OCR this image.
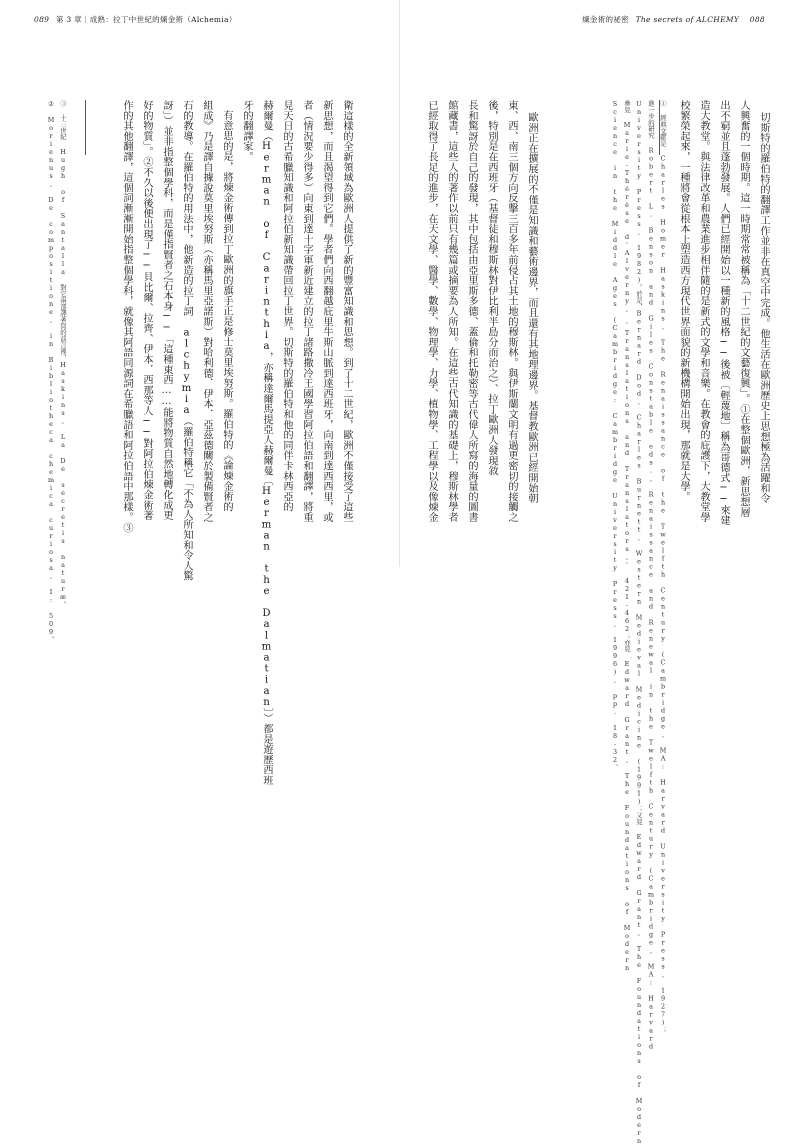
089 第 3 章｜成熟：拉丁中世紀的煉金術（Alchemia）
② Morienus, De compositione, in Bibliotheca chemica curiosa, 1: 509。 ③ 十三世紀 Hugh of Santalla 對它兩部譯著寫的前言裡，Haskins, La De secretis naturæ。	衛這樣的全新領域為歐洲人提供了新的豐富知識和思想。到了十二世紀，歐洲不僅接受了這些
新思想，而且渴望得到它們。學者們向西翻越庇里牛斯山脈到達西班牙，向南到達西西里，或
者（情況要少得多）向東到達十字軍新近建立的拉丁諸路撒冷王國學習阿拉伯語和翻譯，將重
見天日的古希臘知識和阿拉伯新知識帶回拉丁世界。切斯特的羅伯特和他的同伴卡林西亞的
赫爾曼（Herman of Carinthia，亦稱達爾馬提亞人赫爾曼〔Herman the Dalmatian〕）都是遊歷西班
牙的翻譯家。
有意思的是，將煉金術傳到拉丁歐洲的旗手正是修士莫里埃努斯。羅伯特的《論煉金術的
組成》乃是譯自據說莫里埃努斯（亦稱馬里亞諾斯）對哈利德．伊本．亞茲德關於製備賢者之
石的教導。在羅伯特的用法中，他新造的拉丁詞 alchymia（羅伯特稱它「不為人所知和令人驚
訝」）並非指整個學科，而是僅指賢者之石本身──「這種東西……能將物質自然地轉化成更
好的物質」。②不久以後便出現了──貝比爾、拉齊、伊本．西那等人──對阿拉伯煉金術著
作的其他翻譯，這個詞漸漸開始指整個學科，就像其阿語同源詞在希臘語和阿拉伯語中那樣。③
煉金術的祕密 The secrets of ALCHEMY 088
切斯特的羅伯特的翻譯工作並非在真空中完成。他生活在歐洲歷史上思想極為活躍和令
人興奮的一個時期。這一時期常常被稱為「十二世紀的文藝復興」。①在整個歐洲，新思想層
出不窮並且蓬勃發展。人們已經開始以一種新的風格──後被〔輕蔑地〕稱為哥德式──來建
造大教堂。與法律改革和農業進步相伴隨的是新式的文學和音樂。在教會的庇護下，大教堂學
校繁榮起來，一種將會從根本上塑造西方現代世界面貌的新機構開始出現，那就是大學。
歐洲正在擴展的不僅是知識和藝術邊界，而且還有其地理邊界。基督教歐洲已經開始朝
東、西、南三個方向反擊三百多年前侵占其土地的穆斯林。與伊斯蘭文明有過更密切的接觸之
後，特別是在西班牙（基督徒和穆斯林對伊比利半島分而治之）、拉丁歐洲人發現敘
長和驚訝於自己的發現，其中包括由亞里斯多德、蓋倫和托勒密等古代偉人所寫的海量的圖書
館藏書，這些人的著作以前只有幾篇或摘要為人所知。在這些古代知識的基礎上，穆斯林學者
已經取得了長足的進步，在天文學、醫學、數學、物理學、力學、植物學、工程學以及像煉金	① 經典文獻是 Charles Homer Haskins, The Renaissance of the Twelfth Century (Cambridge, MA: Harvard University Press, 1927)；
進一步的研究 Robert L. Benson and Giles Constable eds., Renaissance and Renewal in the Twelfth Century (Cambridge, MA: Harvard
University Press, 1982)。於是，Bernard Dod, Charles Burnett, Western Medieval Medicine (1991)；又見 Edward Grant, The Foundations of Modern
參見 Marie-Thérèse d'Alverny, 'Translations and Translators,' 421-462；亦見 Edward Grant, The Foundations of Modern
Science in the Middle Ages (Cambridge: Cambridge University Press, 1996), pp. 18-32。
